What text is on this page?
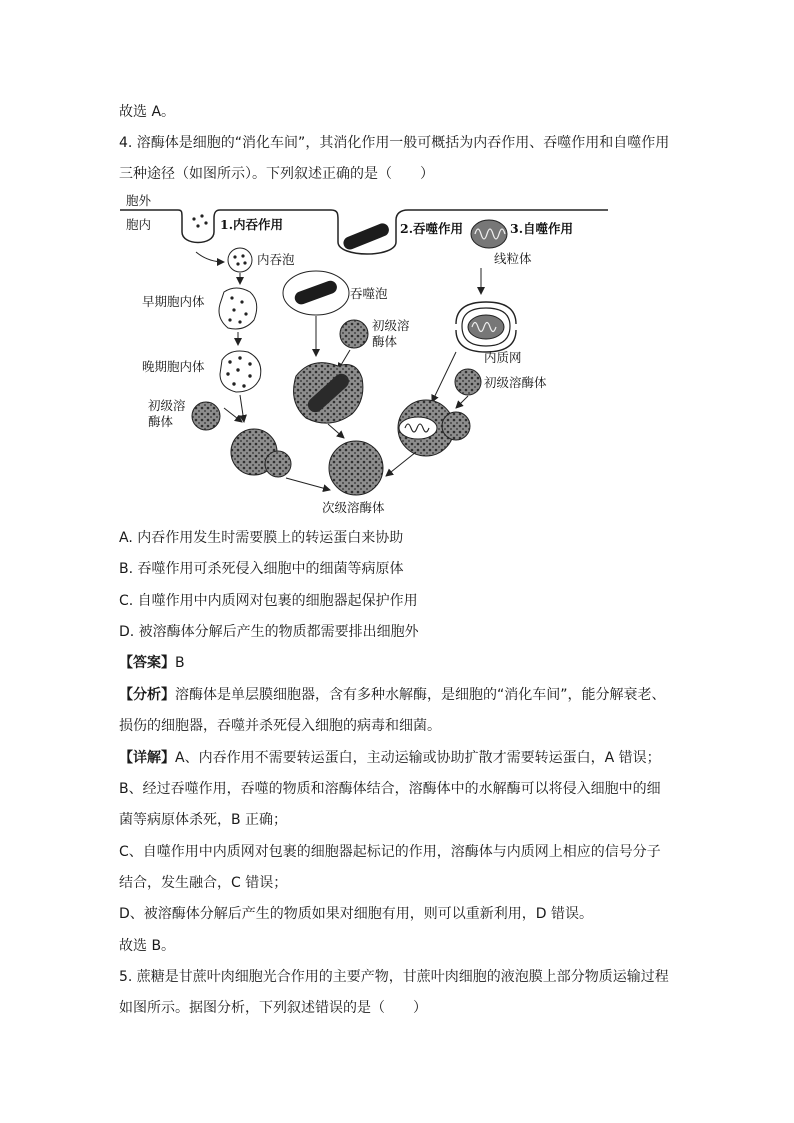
故选 A。
4. 溶酶体是细胞的“消化车间”，其消化作用一般可概括为内吞作用、吞噬作用和自噬作用
三种途径（如图所示）。下列叙述正确的是（　　）
胞外
胞内	1.内吞作用	2.吞噬作用	3.自噬作用
线粒体
内吞泡
早期胞内体
晚期胞内体
初级溶
酶体
吞噬泡
初级溶
酶体
次级溶酶体
内质网
初级溶酶体
A. 内吞作用发生时需要膜上的转运蛋白来协助
B. 吞噬作用可杀死侵入细胞中的细菌等病原体
C. 自噬作用中内质网对包裹的细胞器起保护作用
D. 被溶酶体分解后产生的物质都需要排出细胞外
【答案】B
【分析】溶酶体是单层膜细胞器，含有多种水解酶，是细胞的“消化车间”，能分解衰老、
损伤的细胞器，吞噬并杀死侵入细胞的病毒和细菌。
【详解】A、内吞作用不需要转运蛋白，主动运输或协助扩散才需要转运蛋白，A 错误；
B、经过吞噬作用，吞噬的物质和溶酶体结合，溶酶体中的水解酶可以将侵入细胞中的细
菌等病原体杀死，B 正确；
C、自噬作用中内质网对包裹的细胞器起标记的作用，溶酶体与内质网上相应的信号分子
结合，发生融合，C 错误；
D、被溶酶体分解后产生的物质如果对细胞有用，则可以重新利用，D 错误。
故选 B。
5. 蔗糖是甘蔗叶肉细胞光合作用的主要产物，甘蔗叶肉细胞的液泡膜上部分物质运输过程
如图所示。据图分析，下列叙述错误的是（　　）
